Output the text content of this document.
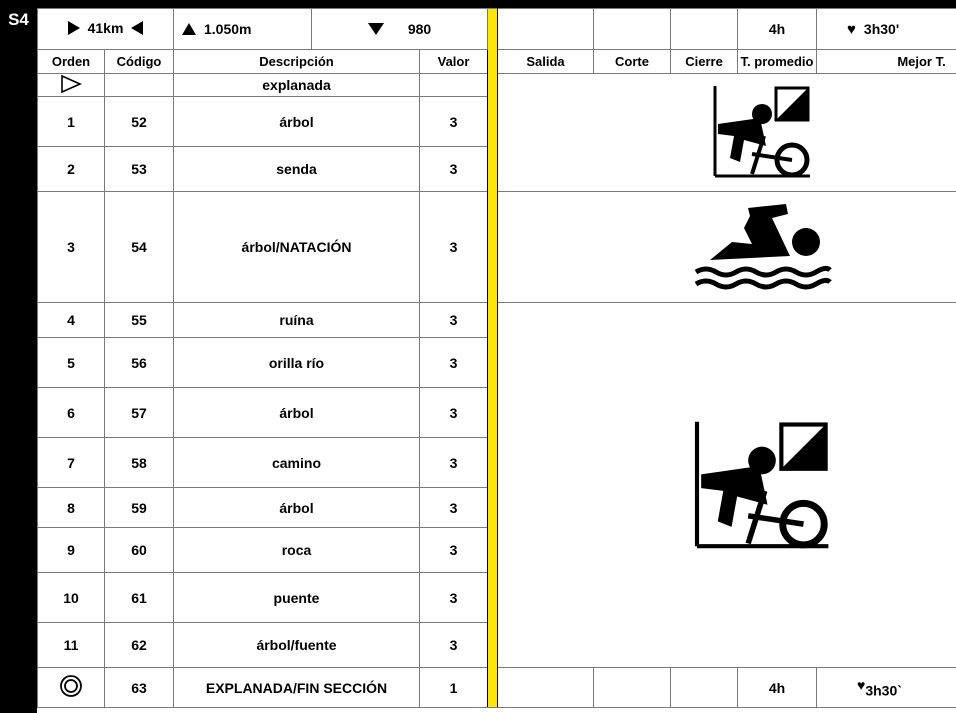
S4	41km		1.050m	980						4h	♥ 3h30'

Orden	Código	Descripción		Valor		Salida	Corte	Cierre	T. promedio	Mejor T.
		explanada		
1	52	árbol		3						
2	53	senda		3						
3	54	árbol/NATACIÓN		3	
4	55	ruína		3	
5	56	orilla río		3						
6	57	árbol		3						
7	58	camino		3						
8	59	árbol		3						
9	60	roca		3						
10	61	puente		3						
11	62	árbol/fuente		3						
	63	EXPLANADA/FIN SECCIÓN		1					4h	♥3h30`
